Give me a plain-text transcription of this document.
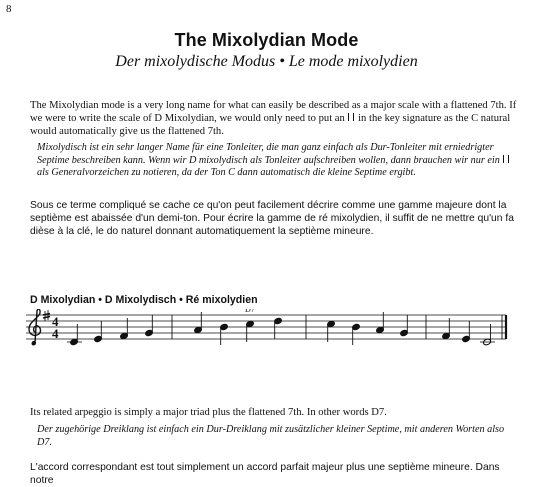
8
The Mixolydian Mode
Der mixolydische Modus • Le mode mixolydien

The Mixolydian mode is a very long name for what can easily be described as a major scale with a flattened 7th. If we were to write the scale of D Mixolydian, we would only need to put an in the key signature as the C natural would automatically give us the flattened 7th.

Mixolydisch ist ein sehr langer Name für eine Tonleiter, die man ganz einfach als Dur-Tonleiter mit erniedrigter Septime beschreiben kann. Wenn wir D mixolydisch als Tonleiter aufschreiben wollen, dann brauchen wir nur ein  als Generalvorzeichen zu notieren, da der Ton C dann automatisch die kleine Septime ergibt.

Sous ce terme compliqué se cache ce qu'on peut facilement décrire comme une gamme majeure dont la septième est abaissée d'un demi-ton. Pour écrire la gamme de ré mixolydien, il suffit de ne mettre qu'un fa dièse à la clé, le do naturel donnant automatiquement la septième mineure.

D Mixolydian • D Mixolydisch • Ré mixolydien
4
4
D7

Its related arpeggio is simply a major triad plus the flattened 7th. In other words D7.

Der zugehörige Dreiklang ist einfach ein Dur-Dreiklang mit zusätzlicher kleiner Septime, mit anderen Worten also D7.

L'accord correspondant est tout simplement un accord parfait majeur plus une septième mineure. Dans notre
